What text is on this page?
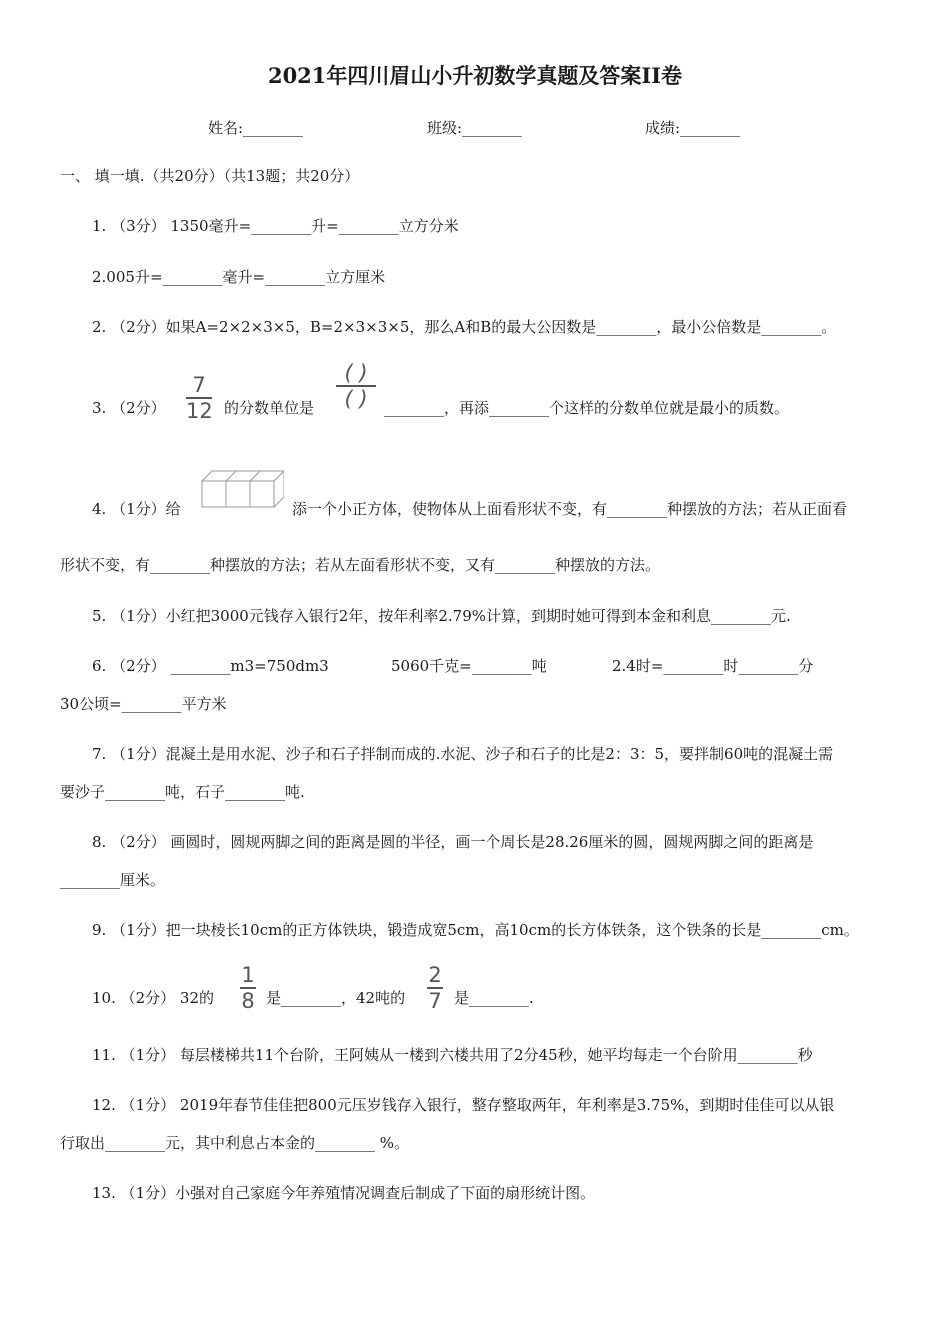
2021年四川眉山小升初数学真题及答案II卷
姓名:________	班级:________	成绩:________
一、 填一填.（共20分）（共13题；共20分）
1. （3分） 1350毫升=________升=________立方分米
2.005升=________毫升=________立方厘米
2. （2分）如果A=2×2×3×5，B=2×3×3×5，那么A和B的最大公因数是________，最小公倍数是________。
3. （2分）
7
12 的分数单位是
( )
( )	________，再添________个这样的分数单位就是最小的质数。
4. （1分）给	添一个小正方体，使物体从上面看形状不变，有________种摆放的方法；若从正面看
形状不变，有________种摆放的方法；若从左面看形状不变，又有________种摆放的方法。
5. （1分）小红把3000元钱存入银行2年，按年利率2.79%计算，到期时她可得到本金和利息________元.
6. （2分） ________m3=750dm3	5060千克=________吨	2.4时=________时________分
30公顷=________平方米
7. （1分）混凝土是用水泥、沙子和石子拌制而成的.水泥、沙子和石子的比是2：3：5，要拌制60吨的混凝土需
要沙子________吨，石子________吨.
8. （2分） 画圆时，圆规两脚之间的距离是圆的半径，画一个周长是28.26厘米的圆，圆规两脚之间的距离是
________厘米。
9. （1分）把一块棱长10cm的正方体铁块，锻造成宽5cm，高10cm的长方体铁条，这个铁条的长是________cm。
10. （2分） 32的
1
8 是________，42吨的
2
7 是________.
11. （1分） 每层楼梯共11个台阶，王阿姨从一楼到六楼共用了2分45秒，她平均每走一个台阶用________秒
12. （1分） 2019年春节佳佳把800元压岁钱存入银行，整存整取两年，年利率是3.75%，到期时佳佳可以从银
行取出________元，其中利息占本金的________ %。
13. （1分）小强对自己家庭今年养殖情况调查后制成了下面的扇形统计图。
